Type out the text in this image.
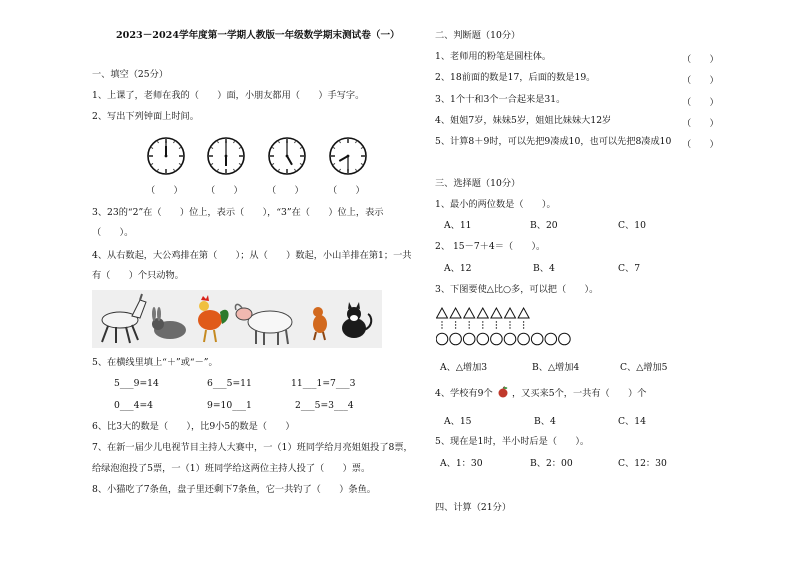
2023－2024学年度第一学期人教版一年级数学期末测试卷（一）
一、填空（25分）
1、上课了，老师在我的（　　）面，小朋友都用（　　）手写字。
2、写出下列钟面上时间。
（　　）	（　　）	（　　）	（　　）
3、23的“2”在（　　）位上，表示（　　），“3”在（　　）位上，表示
（　　）。
4、从右数起，大公鸡排在第（　　）；从（　　）数起，小山羊排在第1；一共
有（　　）个只动物。
5、在横线里填上“＋”或“－”。
5___9=14	6___5=11	11___1=7___3
0___4=4	9=10___1	2___5=3___4
6、比3大的数是（　　），比9小5的数是（　　）
7、在新一届少儿电视节目主持人大赛中，一（1）班同学给月亮姐姐投了8票，
给绿泡泡投了5票，一（1）班同学给这两位主持人投了（　　）票。
8、小猫吃了7条鱼，盘子里还剩下7条鱼，它一共钓了（　　）条鱼。
二、判断题（10分）
1、老师用的粉笔是圆柱体。	（　　）
2、18前面的数是17，后面的数是19。	（　　）
3、1个十和3个一合起来是31。	（　　）
4、姐姐7岁，妹妹5岁，姐姐比妹妹大12岁	（　　）
5、计算8＋9时，可以先把9凑成10，也可以先把8凑成10 （　　）
三、选择题（10分）
1、最小的两位数是（　　）。
A、11	B、20	C、10
2、 15－7＋4＝（　　）。
A、12	B、4	C、7
3、下图要使△比○多，可以把（　　）。
A、△增加3	B、△增加4	C、△增加5
4、学校有9个 ，又买来5个，一共有（　　）个
A、15	B、4	C、14
5、现在是1时，半小时后是（　　）。
A、1：30	B、2：00	C、12：30
四、计算（21分）
